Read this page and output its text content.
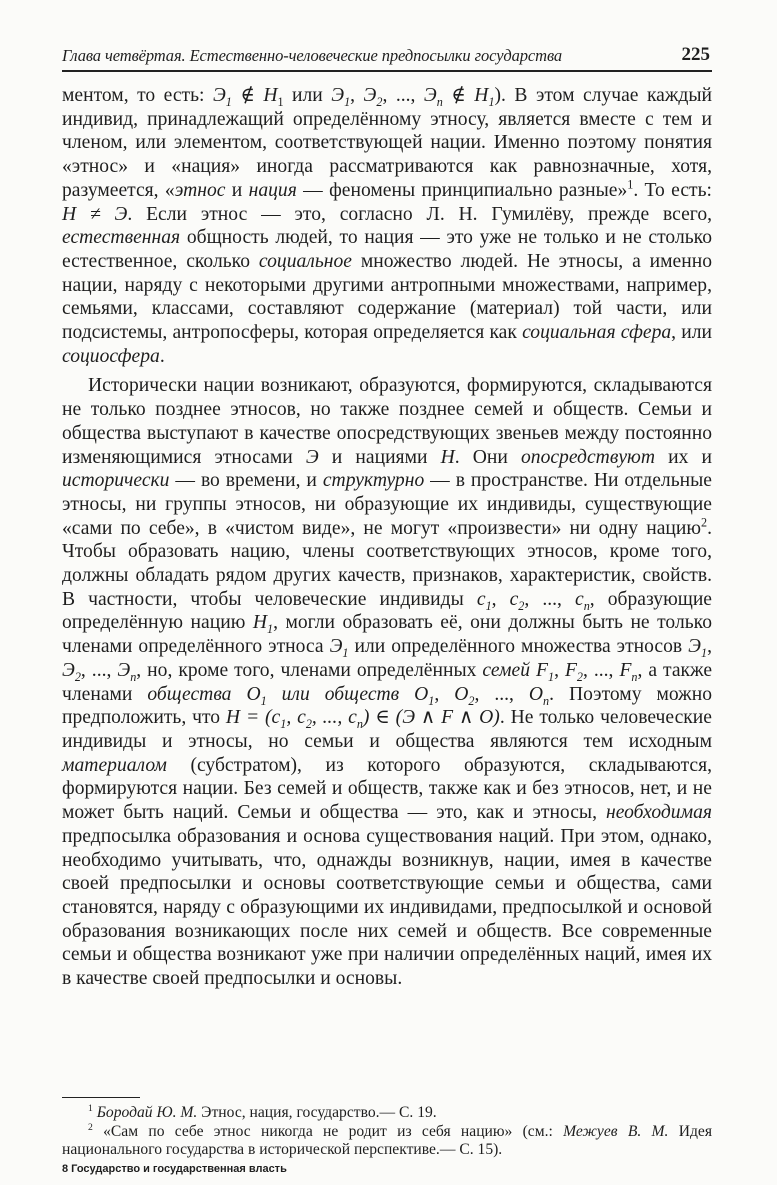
Глава четвёртая. Естественно-человеческие предпосылки государства	225

ментом, то есть: $Э_1$ ∉ $Н_1$ или $Э_1$, $Э_2$, ..., $Э_n$ ∉ $Н_1$). В этом случае каждый индивид, принадлежащий определённому этносу, является вместе с тем и членом, или элементом, соответствующей нации. Именно поэтому понятия «этнос» и «нация» иногда рассматриваются как равнозначные, хотя, разумеется, «этнос и нация — феномены принципиально разные»$^1$. То есть: Н ≠ Э. Если этнос — это, согласно Л. Н. Гумилёву, прежде всего, естественная общность людей, то нация — это уже не только и не столько естественное, сколько социальное множество людей. Не этносы, а именно нации, наряду с некоторыми другими антропными множествами, например, семьями, классами, составляют содержание (материал) той части, или подсистемы, антропосферы, которая определяется как социальная сфера, или социосфера.

Исторически нации возникают, образуются, формируются, складываются не только позднее этносов, но также позднее семей и обществ. Семьи и общества выступают в качестве опосредствующих звеньев между постоянно изменяющимися этносами Э и нациями Н. Они опосредствуют их и исторически — во времени, и структурно — в пространстве. Ни отдельные этносы, ни группы этносов, ни образующие их индивиды, существующие «сами по себе», в «чистом виде», не могут «произвести» ни одну нацию$^2$. Чтобы образовать нацию, члены соответствующих этносов, кроме того, должны обладать рядом других качеств, признаков, характеристик, свойств. В частности, чтобы человеческие индивиды $с_1$, $с_2$, ..., $с_n$, образующие определённую нацию $Н_1$, могли образовать её, они должны быть не только членами определённого этноса $Э_1$ или определённого множества этносов $Э_1$, $Э_2$, ..., $Э_n$, но, кроме того, членами определённых семей $F_1$, $F_2$, ..., $F_n$, а также членами общества $O_1$ или обществ $O_1$, $O_2$, ..., $O_n$. Поэтому можно предположить, что $Н = (с_1$, $с_2$, ..., $с_n$) ∈ (Э ∧ F ∧ O). Не только человеческие индивиды и этносы, но семьи и общества являются тем исходным материалом (субстратом), из которого образуются, складываются, формируются нации. Без семей и обществ, также как и без этносов, нет, и не может быть наций. Семьи и общества — это, как и этносы, необходимая предпосылка образования и основа существования наций. При этом, однако, необходимо учитывать, что, однажды возникнув, нации, имея в качестве своей предпосылки и основы соответствующие семьи и общества, сами становятся, наряду с образующими их индивидами, предпосылкой и основой образования возникающих после них семей и обществ. Все современные семьи и общества возникают уже при наличии определённых наций, имея их в качестве своей предпосылки и основы.

$^1$ Бородай Ю. М. Этнос, нация, государство.— С. 19.

$^2$ «Сам по себе этнос никогда не родит из себя нацию» (см.: Межуев В. М. Идея национального государства в исторической перспективе.— С. 15).

8 Государство и государственная власть
